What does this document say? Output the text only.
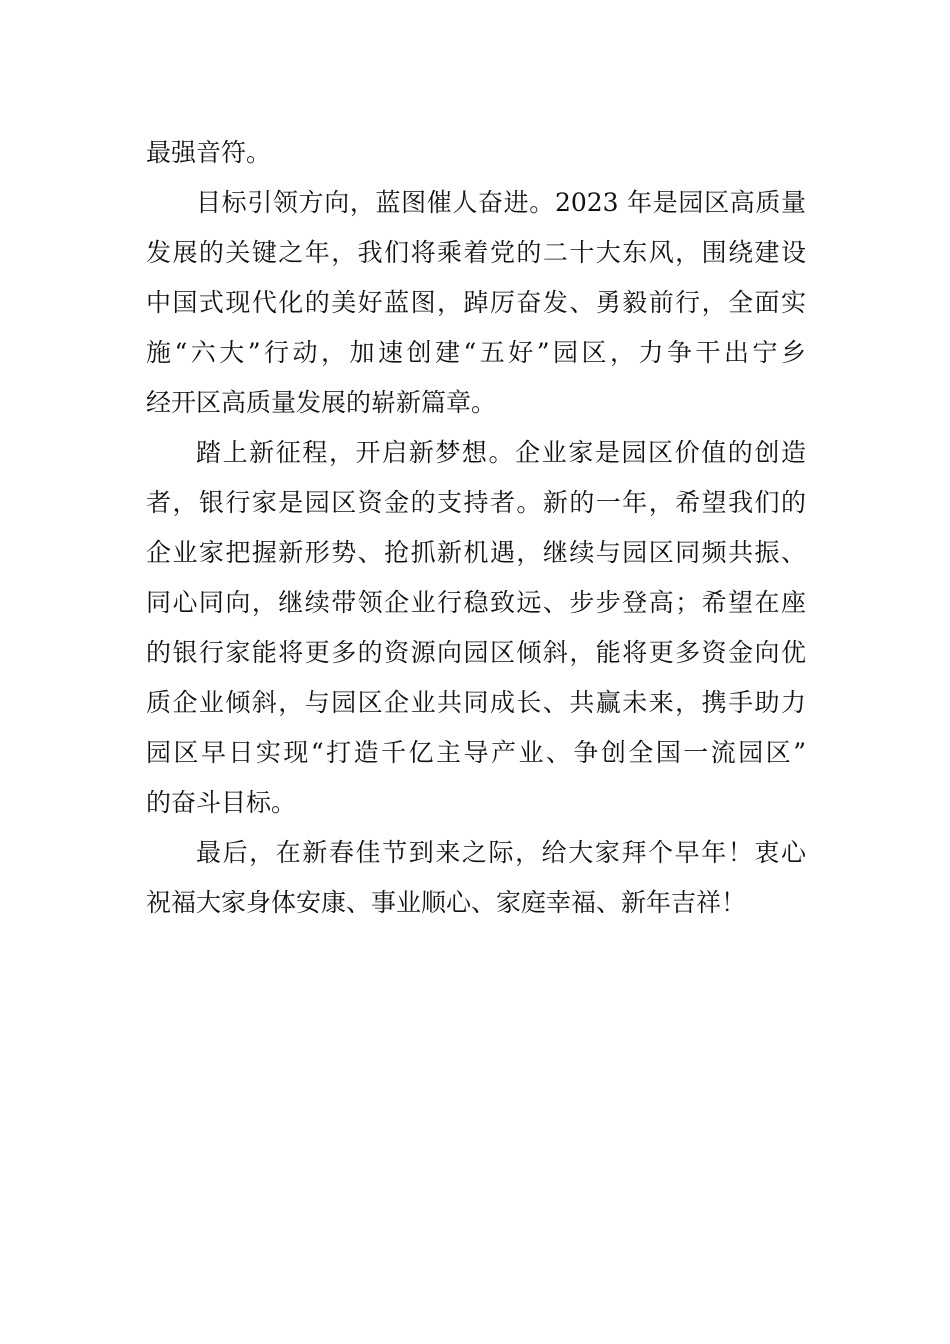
最强音符。
目标引领方向，蓝图催人奋进。2023 年是园区高质量
发展的关键之年，我们将乘着党的二十大东风，围绕建设
中国式现代化的美好蓝图，踔厉奋发、勇毅前行，全面实
施“六大”行动，加速创建“五好”园区，力争干出宁乡
经开区高质量发展的崭新篇章。
踏上新征程，开启新梦想。企业家是园区价值的创造
者，银行家是园区资金的支持者。新的一年，希望我们的
企业家把握新形势、抢抓新机遇，继续与园区同频共振、
同心同向，继续带领企业行稳致远、步步登高；希望在座
的银行家能将更多的资源向园区倾斜，能将更多资金向优
质企业倾斜，与园区企业共同成长、共赢未来，携手助力
园区早日实现“打造千亿主导产业、争创全国一流园区”
的奋斗目标。
最后，在新春佳节到来之际，给大家拜个早年！衷心
祝福大家身体安康、事业顺心、家庭幸福、新年吉祥！
